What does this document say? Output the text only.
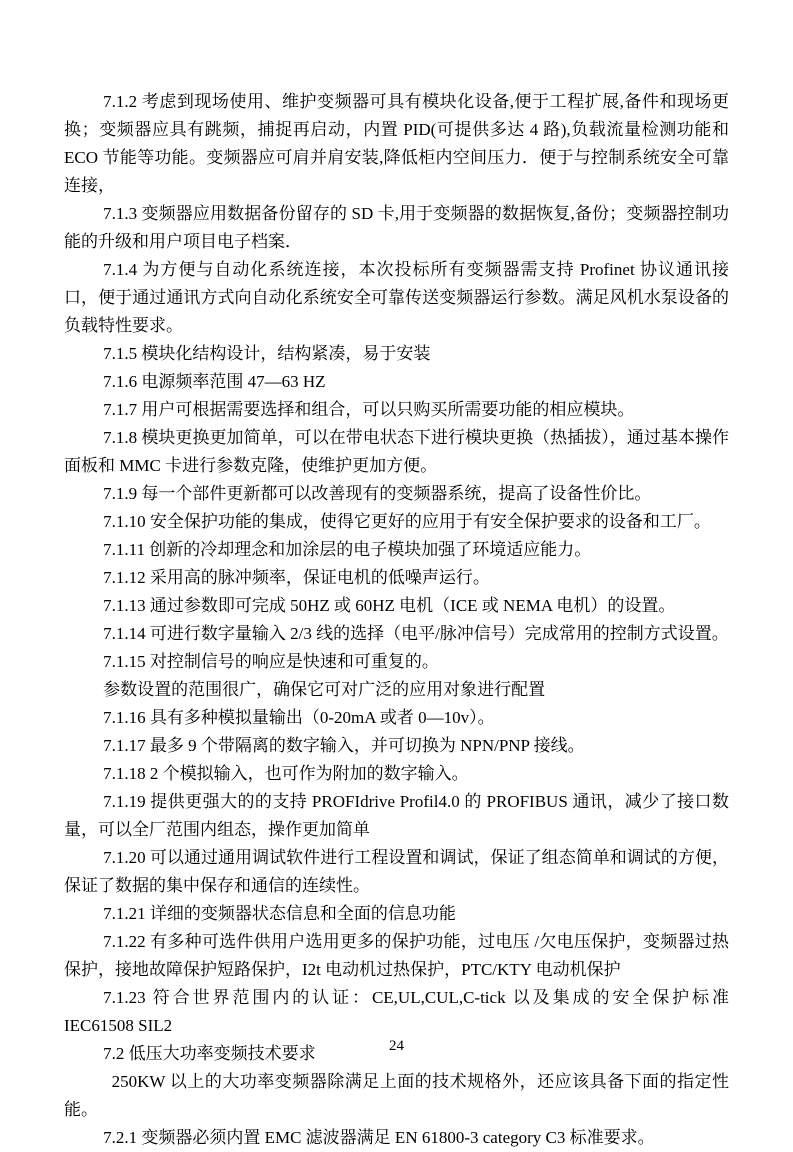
7.1.2 考虑到现场使用、维护变频器可具有模块化设备,便于工程扩展,备件和现场更换；变频器应具有跳频，捕捉再启动，内置 PID(可提供多达 4 路),负载流量检测功能和 ECO 节能等功能。变频器应可肩并肩安装,降低柜内空间压力．便于与控制系统安全可靠连接，

7.1.3 变频器应用数据备份留存的 SD 卡,用于变频器的数据恢复,备份；变频器控制功能的升级和用户项目电子档案．

7.1.4 为方便与自动化系统连接，本次投标所有变频器需支持 Profinet 协议通讯接口，便于通过通讯方式向自动化系统安全可靠传送变频器运行参数。满足风机水泵设备的负载特性要求。

7.1.5 模块化结构设计，结构紧凑，易于安装

7.1.6 电源频率范围 47—63 HZ

7.1.7 用户可根据需要选择和组合，可以只购买所需要功能的相应模块。

7.1.8 模块更换更加简单，可以在带电状态下进行模块更换（热插拔），通过基本操作面板和 MMC 卡进行参数克隆，使维护更加方便。

7.1.9 每一个部件更新都可以改善现有的变频器系统，提高了设备性价比。

7.1.10 安全保护功能的集成，使得它更好的应用于有安全保护要求的设备和工厂。

7.1.11 创新的冷却理念和加涂层的电子模块加强了环境适应能力。

7.1.12 采用高的脉冲频率，保证电机的低噪声运行。

7.1.13 通过参数即可完成 50HZ 或 60HZ 电机（ICE 或 NEMA 电机）的设置。

7.1.14 可进行数字量输入 2/3 线的选择（电平/脉冲信号）完成常用的控制方式设置。

7.1.15 对控制信号的响应是快速和可重复的。

参数设置的范围很广，确保它可对广泛的应用对象进行配置

7.1.16 具有多种模拟量输出（0-20mA 或者 0—10v）。

7.1.17 最多 9 个带隔离的数字输入，并可切换为 NPN/PNP 接线。

7.1.18 2 个模拟输入，也可作为附加的数字输入。

7.1.19 提供更强大的的支持 PROFIdrive Profil4.0 的 PROFIBUS 通讯，减少了接口数量，可以全厂范围内组态，操作更加简单

7.1.20 可以通过通用调试软件进行工程设置和调试，保证了组态简单和调试的方便，保证了数据的集中保存和通信的连续性。

7.1.21 详细的变频器状态信息和全面的信息功能

7.1.22 有多种可选件供用户选用更多的保护功能，过电压 /欠电压保护，变频器过热保护，接地故障保护短路保护，I2t 电动机过热保护，PTC/KTY 电动机保护

7.1.23 符合世界范围内的认证：CE,UL,CUL,C-tick 以及集成的安全保护标准 IEC61508 SIL2

7.2 低压大功率变频技术要求

250KW 以上的大功率变频器除满足上面的技术规格外，还应该具备下面的指定性能。

7.2.1 变频器必须内置 EMC 滤波器满足 EN 61800-3 category C3 标准要求。

24
